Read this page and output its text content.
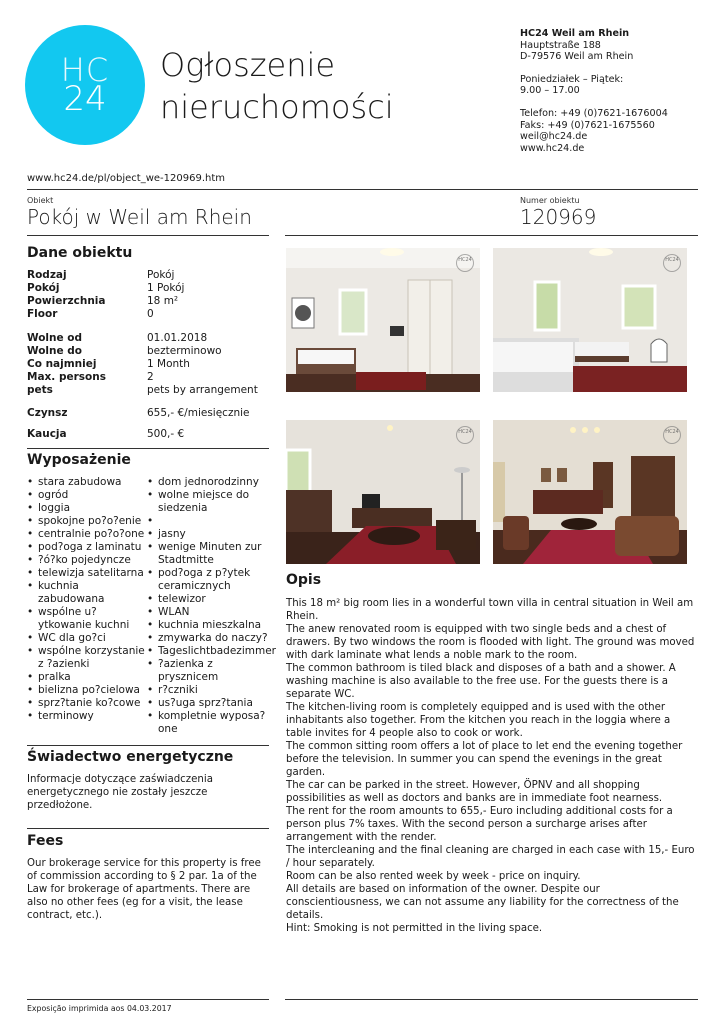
HC
24
Ogłoszenie
nieruchomości
HC24 Weil am Rhein
Hauptstraße 188
D-79576 Weil am Rhein
Poniedziałek – Piątek:
9.00 – 17.00
Telefon: +49 (0)7621-1676004
Faks: +49 (0)7621-1675560
weil@hc24.de
www.hc24.de
www.hc24.de/pl/object_we-120969.htm
Obiekt
Pokój w Weil am Rhein
Numer obiektu
120969
Dane obiektu
Rodzaj	Pokój
Pokój	1 Pokój
Powierzchnia	18 m²
Floor	0
Wolne od	01.01.2018
Wolne do	bezterminowo
Co najmniej	1 Month
Max. persons	2
pets	pets by arrangement
Czynsz	655,- €/miesięcznie
Kaucja	500,- €
Wyposażenie
• stara zabudowa
• ogród
• loggia
• spokojne po?o?enie
• centralnie po?o?one
• pod?oga z laminatu
• ?ó?ko pojedyncze
• telewizja satelitarna
• kuchnia zabudowana
• wspólne u?ytkowanie kuchni
• WC dla go?ci
• wspólne korzystanie z ?azienki
• pralka
• bielizna po?cielowa
• sprz?tanie ko?cowe
• terminowy
• dom jednorodzinny
• wolne miejsce do siedzenia
•
• jasny
• wenige Minuten zur Stadtmitte
• pod?oga z p?ytek ceramicznych
• telewizor
• WLAN
• kuchnia mieszkalna
• zmywarka do naczy?
• Tageslichtbadezimmer
• ?azienka z prysznicem
• r?czniki
• us?uga sprz?tania
• kompletnie wyposa?one
Świadectwo energetyczne
Informacje dotyczące zaświadczenia energetycznego nie zostały jeszcze przedłożone.
Fees
Our brokerage service for this property is free of commission according to § 2 par. 1a of the Law for brokerage of apartments. There are also no other fees (eg for a visit, the lease contract, etc.).
HC24	HC24
HC24	HC24
Opis
This 18 m² big room lies in a wonderful town villa in central situation in Weil am Rhein.
The anew renovated room is equipped with two single beds and a chest of drawers. By two windows the room is flooded with light. The ground was moved with dark laminate what lends a noble mark to the room.
The common bathroom is tiled black and disposes of a bath and a shower. A washing machine is also available to the free use. For the guests there is a separate WC.
The kitchen-living room is completely equipped and is used with the other inhabitants also together. From the kitchen you reach in the loggia where a table invites for 4 people also to cook or work.
The common sitting room offers a lot of place to let end the evening together before the television. In summer you can spend the evenings in the great garden.
The car can be parked in the street. However, ÖPNV and all shopping possibilities as well as doctors and banks are in immediate foot nearness.
The rent for the room amounts to 655,- Euro including additional costs for a person plus 7% taxes. With the second person a surcharge arises after arrangement with the render.
The interclеaning and the final cleaning are charged in each case with 15,- Euro / hour separately.
Room can be also rented week by week - price on inquiry.
All details are based on information of the owner. Despite our conscientiousness, we can not assume any liability for the correctness of the details.
Hint: Smoking is not permitted in the living space.
Exposição imprimida aos 04.03.2017
